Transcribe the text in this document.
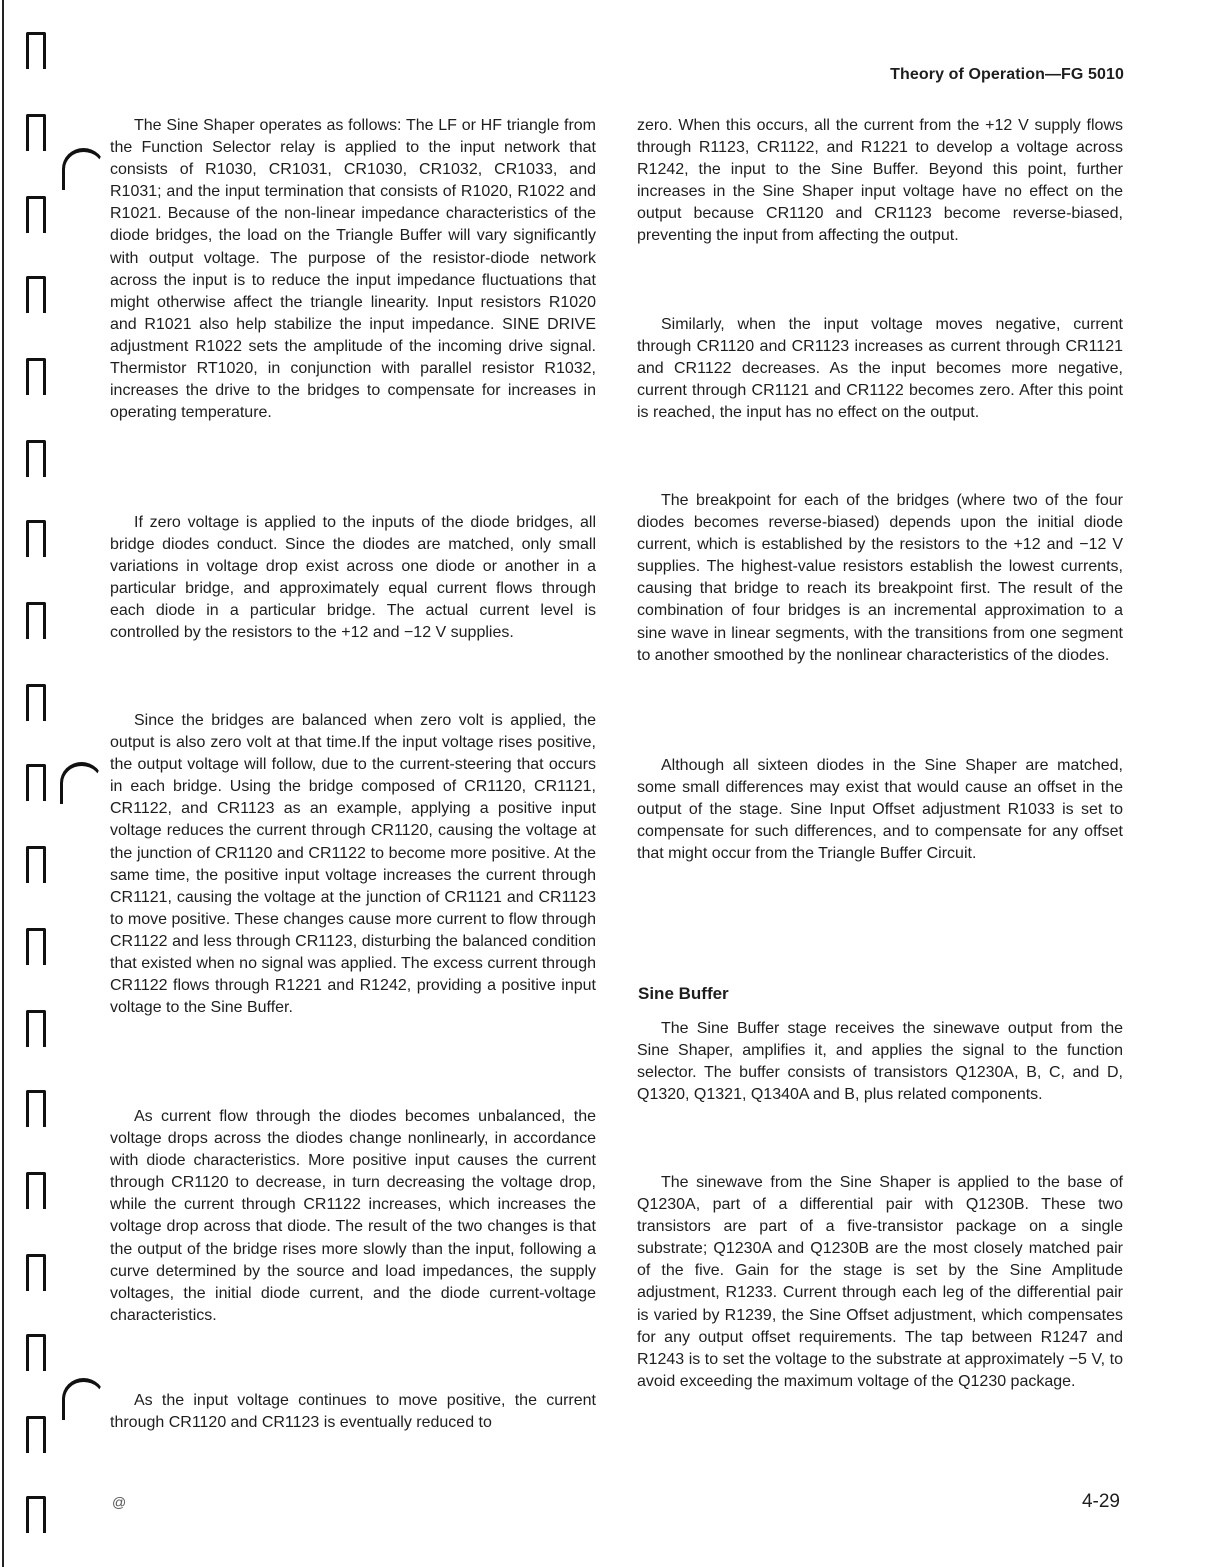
Theory of Operation—FG 5010

The Sine Shaper operates as follows: The LF or HF triangle from the Function Selector relay is applied to the input network that consists of R1030, CR1031, CR1030, CR1032, CR1033, and R1031; and the input termination that consists of R1020, R1022 and R1021. Because of the non-linear impedance characteristics of the diode bridges, the load on the Triangle Buffer will vary significantly with output voltage. The purpose of the resistor-diode network across the input is to reduce the input impedance fluctuations that might otherwise affect the triangle linearity. Input resistors R1020 and R1021 also help stabilize the input impedance. SINE DRIVE adjustment R1022 sets the amplitude of the incoming drive signal. Thermistor RT1020, in conjunction with parallel resistor R1032, increases the drive to the bridges to compensate for increases in operating temperature.

If zero voltage is applied to the inputs of the diode bridges, all bridge diodes conduct. Since the diodes are matched, only small variations in voltage drop exist across one diode or another in a particular bridge, and approximately equal current flows through each diode in a particular bridge. The actual current level is controlled by the resistors to the +12 and −12 V supplies.

Since the bridges are balanced when zero volt is applied, the output is also zero volt at that time.If the input voltage rises positive, the output voltage will follow, due to the current-steering that occurs in each bridge. Using the bridge composed of CR1120, CR1121, CR1122, and CR1123 as an example, applying a positive input voltage reduces the current through CR1120, causing the voltage at the junction of CR1120 and CR1122 to become more positive. At the same time, the positive input voltage increases the current through CR1121, causing the voltage at the junction of CR1121 and CR1123 to move positive. These changes cause more current to flow through CR1122 and less through CR1123, disturbing the balanced condition that existed when no signal was applied. The excess current through CR1122 flows through R1221 and R1242, providing a positive input voltage to the Sine Buffer.

As current flow through the diodes becomes unbalanced, the voltage drops across the diodes change nonlinearly, in accordance with diode characteristics. More positive input causes the current through CR1120 to decrease, in turn decreasing the voltage drop, while the current through CR1122 increases, which increases the voltage drop across that diode. The result of the two changes is that the output of the bridge rises more slowly than the input, following a curve determined by the source and load impedances, the supply voltages, the initial diode current, and the diode current-voltage characteristics.

As the input voltage continues to move positive, the current through CR1120 and CR1123 is eventually reduced to

zero. When this occurs, all the current from the +12 V supply flows through R1123, CR1122, and R1221 to develop a voltage across R1242, the input to the Sine Buffer. Beyond this point, further increases in the Sine Shaper input voltage have no effect on the output because CR1120 and CR1123 become reverse-biased, preventing the input from affecting the output.

Similarly, when the input voltage moves negative, current through CR1120 and CR1123 increases as current through CR1121 and CR1122 decreases. As the input becomes more negative, current through CR1121 and CR1122 becomes zero. After this point is reached, the input has no effect on the output.

The breakpoint for each of the bridges (where two of the four diodes becomes reverse-biased) depends upon the initial diode current, which is established by the resistors to the +12 and −12 V supplies. The highest-value resistors establish the lowest currents, causing that bridge to reach its breakpoint first. The result of the combination of four bridges is an incremental approximation to a sine wave in linear segments, with the transitions from one segment to another smoothed by the nonlinear characteristics of the diodes.

Although all sixteen diodes in the Sine Shaper are matched, some small differences may exist that would cause an offset in the output of the stage. Sine Input Offset adjustment R1033 is set to compensate for such differences, and to compensate for any offset that might occur from the Triangle Buffer Circuit.

Sine Buffer

The Sine Buffer stage receives the sinewave output from the Sine Shaper, amplifies it, and applies the signal to the function selector. The buffer consists of transistors Q1230A, B, C, and D, Q1320, Q1321, Q1340A and B, plus related components.

The sinewave from the Sine Shaper is applied to the base of Q1230A, part of a differential pair with Q1230B. These two transistors are part of a five-transistor package on a single substrate; Q1230A and Q1230B are the most closely matched pair of the five. Gain for the stage is set by the Sine Amplitude adjustment, R1233. Current through each leg of the differential pair is varied by R1239, the Sine Offset adjustment, which compensates for any output offset requirements. The tap between R1247 and R1243 is to set the voltage to the substrate at approximately −5 V, to avoid exceeding the maximum voltage of the Q1230 package.

@	4-29
